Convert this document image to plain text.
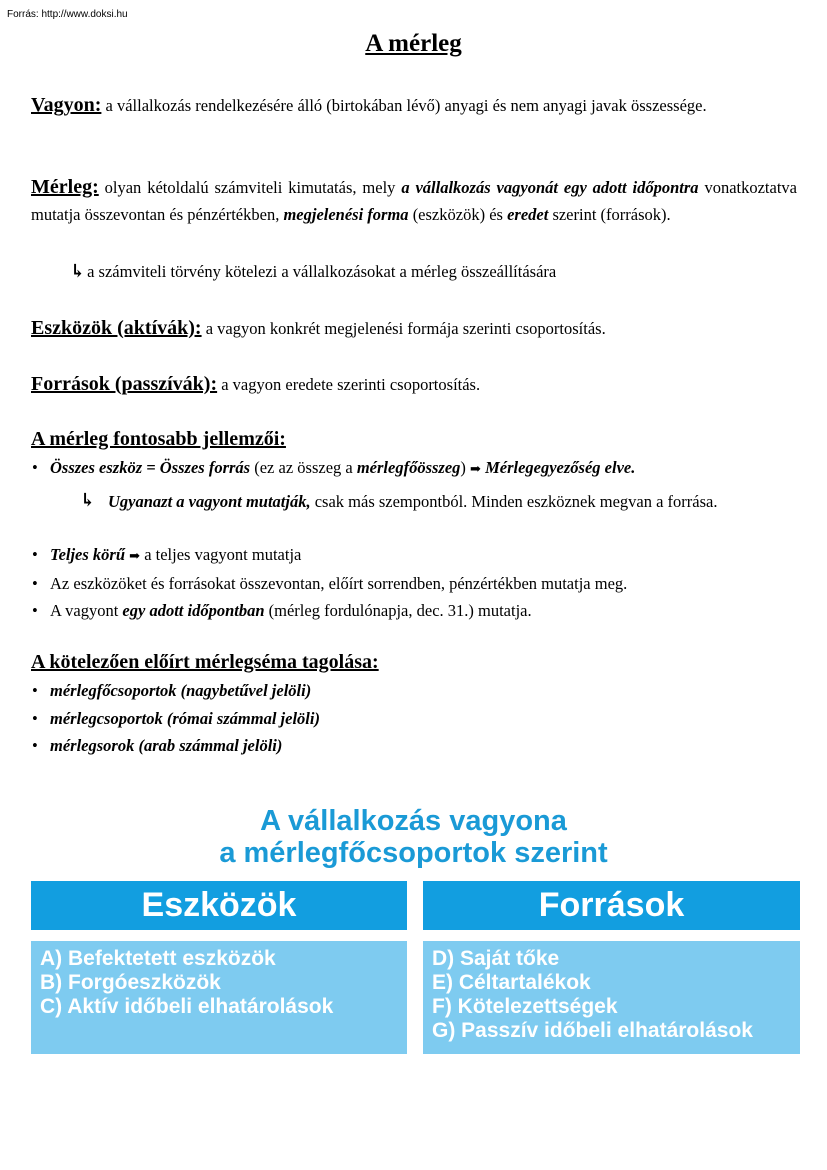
Forrás: http://www.doksi.hu
A mérleg
Vagyon: a vállalkozás rendelkezésére álló (birtokában lévő) anyagi és nem anyagi javak összessége.
Mérleg: olyan kétoldalú számviteli kimutatás, mely a vállalkozás vagyonát egy adott időpontra vonatkoztatva mutatja összevontan és pénzértékben, megjelenési forma (eszközök) és eredet szerint (források).
↳ a számviteli törvény kötelezi a vállalkozásokat a mérleg összeállítására
Eszközök (aktívák): a vagyon konkrét megjelenési formája szerinti csoportosítás.
Források (passzívák): a vagyon eredete szerinti csoportosítás.
A mérleg fontosabb jellemzői:
• Összes eszköz = Összes forrás (ez az összeg a mérlegfőösszeg) ➡ Mérlegegyezőség elve.
↳ Ugyanazt a vagyont mutatják, csak más szempontból. Minden eszköznek megvan a forrása.
• Teljes körű ➡ a teljes vagyont mutatja
• Az eszközöket és forrásokat összevontan, előírt sorrendben, pénzértékben mutatja meg.
• A vagyont egy adott időpontban (mérleg fordulónapja, dec. 31.) mutatja.
A kötelezően előírt mérlegséma tagolása:
• mérlegfőcsoportok (nagybetűvel jelöli)
• mérlegcsoportok (római számmal jelöli)
• mérlegsorok (arab számmal jelöli)
A vállalkozás vagyona
a mérlegfőcsoportok szerint
Eszközök	Források
A) Befektetett eszközök
B) Forgóeszközök
C) Aktív időbeli elhatárolások
D) Saját tőke
E) Céltartalékok
F) Kötelezettségek
G) Passzív időbeli elhatárolások
